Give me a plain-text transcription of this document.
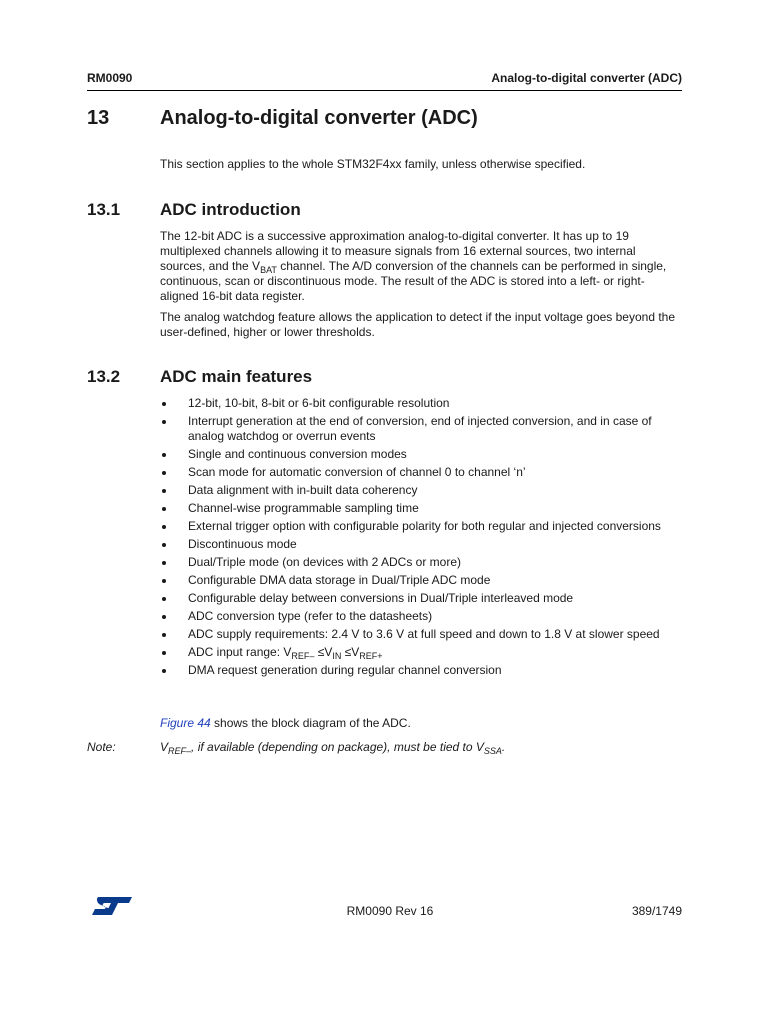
RM0090	Analog-to-digital converter (ADC)
13	Analog-to-digital converter (ADC)

This section applies to the whole STM32F4xx family, unless otherwise specified.

13.1 ADC introduction

The 12-bit ADC is a successive approximation analog-to-digital converter. It has up to 19 multiplexed channels allowing it to measure signals from 16 external sources, two internal sources, and the $V_{BAT}$ channel. The A/D conversion of the channels can be performed in single, continuous, scan or discontinuous mode. The result of the ADC is stored into a left- or right-aligned 16-bit data register.

The analog watchdog feature allows the application to detect if the input voltage goes beyond the user-defined, higher or lower thresholds.

13.2 ADC main features
12-bit, 10-bit, 8-bit or 6-bit configurable resolution
Interrupt generation at the end of conversion, end of injected conversion, and in case of analog watchdog or overrun events
Single and continuous conversion modes
Scan mode for automatic conversion of channel 0 to channel ‘n’
Data alignment with in-built data coherency
Channel-wise programmable sampling time
External trigger option with configurable polarity for both regular and injected conversions
Discontinuous mode
Dual/Triple mode (on devices with 2 ADCs or more)
Configurable DMA data storage in Dual/Triple ADC mode
Configurable delay between conversions in Dual/Triple interleaved mode
ADC conversion type (refer to the datasheets)
ADC supply requirements: 2.4 V to 3.6 V at full speed and down to 1.8 V at slower speed
ADC input range: $V_{REF-} \le V_{IN} \le V_{REF+}$
DMA request generation during regular channel conversion

Figure 44 shows the block diagram of the ADC.

Note:	$V_{REF-}$, if available (depending on package), must be tied to $V_{SSA}$.
RM0090 Rev 16	389/1749
